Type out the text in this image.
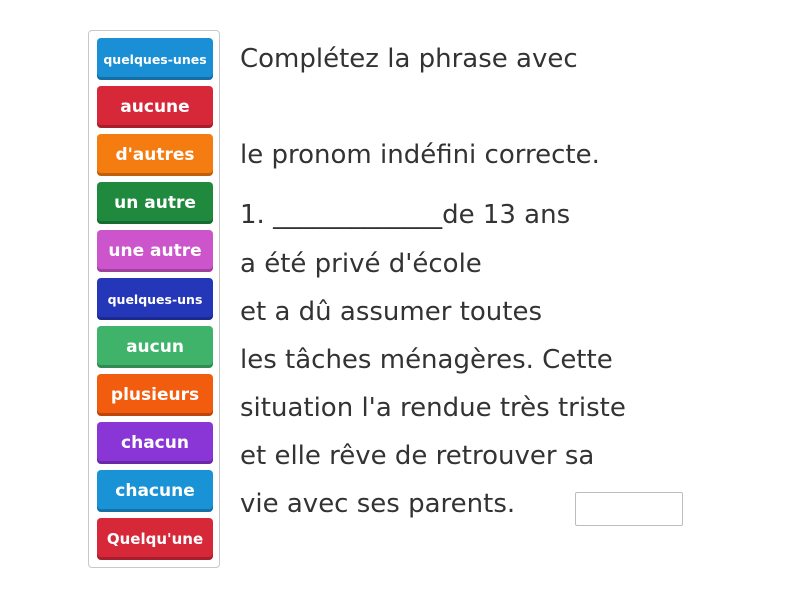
quelques-unes
aucune
d'autres
un autre
une autre
quelques-uns
aucun
plusieurs
chacun
chacune
Quelqu'une
Complétez la phrase avec
le pronom indéfini correcte.
1. _____________de 13 ans
a été privé d'école
et a dû assumer toutes
les tâches ménagères. Cette
situation l'a rendue très triste
et elle rêve de retrouver sa
vie avec ses parents.
